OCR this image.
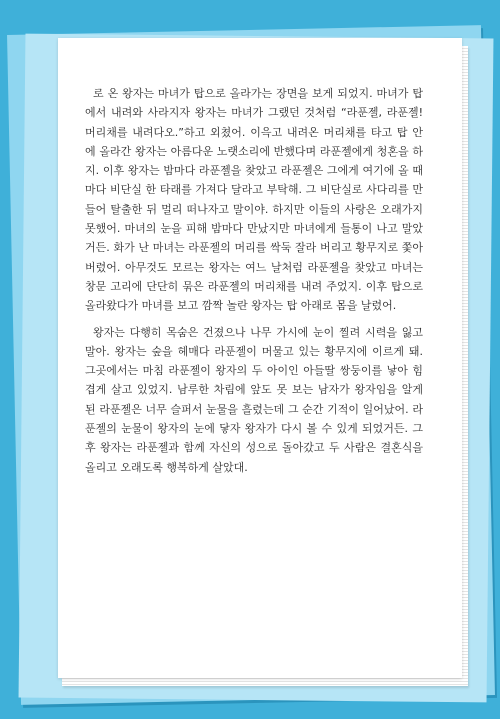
로 온 왕자는 마녀가 탑으로 올라가는 장면을 보게 되었지. 마녀가 탑에서 내려와 사라지자 왕자는 마녀가 그랬던 것처럼 “라푼젤, 라푼젤! 머리채를 내려다오.”하고 외쳤어. 이윽고 내려온 머리채를 타고 탑 안에 올라간 왕자는 아름다운 노랫소리에 반했다며 라푼젤에게 청혼을 하지. 이후 왕자는 밤마다 라푼젤을 찾았고 라푼젤은 그에게 여기에 올 때마다 비단실 한 타래를 가져다 달라고 부탁해. 그 비단실로 사다리를 만들어 탈출한 뒤 멀리 떠나자고 말이야. 하지만 이들의 사랑은 오래가지 못했어. 마녀의 눈을 피해 밤마다 만났지만 마녀에게 들통이 나고 말았거든. 화가 난 마녀는 라푼젤의 머리를 싹둑 잘라 버리고 황무지로 쫓아 버렸어. 아무것도 모르는 왕자는 여느 날처럼 라푼젤을 찾았고 마녀는 창문 고리에 단단히 묶은 라푼젤의 머리채를 내려 주었지. 이후 탑으로 올라왔다가 마녀를 보고 깜짝 놀란 왕자는 탑 아래로 몸을 날렸어.

왕자는 다행히 목숨은 건졌으나 나무 가시에 눈이 찔려 시력을 잃고 말아. 왕자는 숲을 헤매다 라푼젤이 머물고 있는 황무지에 이르게 돼. 그곳에서는 마침 라푼젤이 왕자의 두 아이인 아들딸 쌍둥이를 낳아 힘겹게 살고 있었지. 남루한 차림에 앞도 못 보는 남자가 왕자임을 알게 된 라푼젤은 너무 슬퍼서 눈물을 흘렸는데 그 순간 기적이 일어났어. 라푼젤의 눈물이 왕자의 눈에 닿자 왕자가 다시 볼 수 있게 되었거든. 그 후 왕자는 라푼젤과 함께 자신의 성으로 돌아갔고 두 사람은 결혼식을 올리고 오래도록 행복하게 살았대.
